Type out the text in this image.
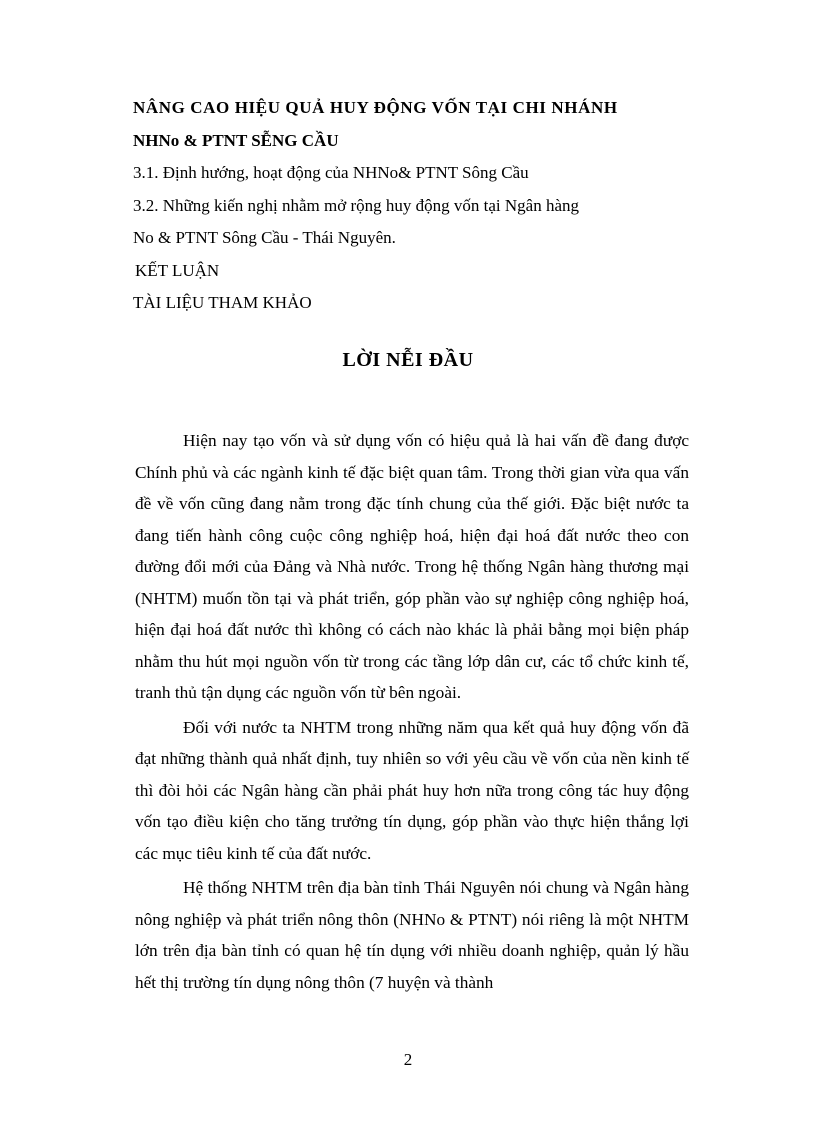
NÂNG CAO HIỆU QUẢ HUY ĐỘNG VỐN TẠI CHI NHÁNH
NHNo & PTNT SỄNG CẦU
3.1. Định hướng, hoạt động của NHNo& PTNT Sông Cầu
3.2. Những kiến nghị nhằm mở rộng huy động vốn tại Ngân hàng
No & PTNT Sông Cầu - Thái Nguyên.
KẾT LUẬN
TÀI LIỆU THAM KHẢO
LỜI NỄI ĐẦU

Hiện nay tạo vốn và sử dụng vốn có hiệu quả là hai vấn đề đang được Chính phủ và các ngành kinh tế đặc biệt quan tâm. Trong thời gian vừa qua vấn đề về vốn cũng đang nằm trong đặc tính chung của thế giới. Đặc biệt nước ta đang tiến hành công cuộc công nghiệp hoá, hiện đại hoá đất nước theo con đường đổi mới của Đảng và Nhà nước. Trong hệ thống Ngân hàng thương mại (NHTM) muốn tồn tại và phát triển, góp phần vào sự nghiệp công nghiệp hoá, hiện đại hoá đất nước thì không có cách nào khác là phải bằng mọi biện pháp nhằm thu hút mọi nguồn vốn từ trong các tầng lớp dân cư, các tổ chức kinh tế, tranh thủ tận dụng các nguồn vốn từ bên ngoài.

Đối với nước ta NHTM trong những năm qua kết quả huy động vốn đã đạt những thành quả nhất định, tuy nhiên so với yêu cầu về vốn của nền kinh tế thì đòi hỏi các Ngân hàng cần phải phát huy hơn nữa trong công tác huy động vốn tạo điều kiện cho tăng trưởng tín dụng, góp phần vào thực hiện thắng lợi các mục tiêu kinh tế của đất nước.

Hệ thống NHTM trên địa bàn tỉnh Thái Nguyên nói chung và Ngân hàng nông nghiệp và phát triển nông thôn (NHNo & PTNT) nói riêng là một NHTM lớn trên địa bàn tỉnh có quan hệ tín dụng với nhiều doanh nghiệp, quản lý hầu hết thị trường tín dụng nông thôn (7 huyện và thành

2
